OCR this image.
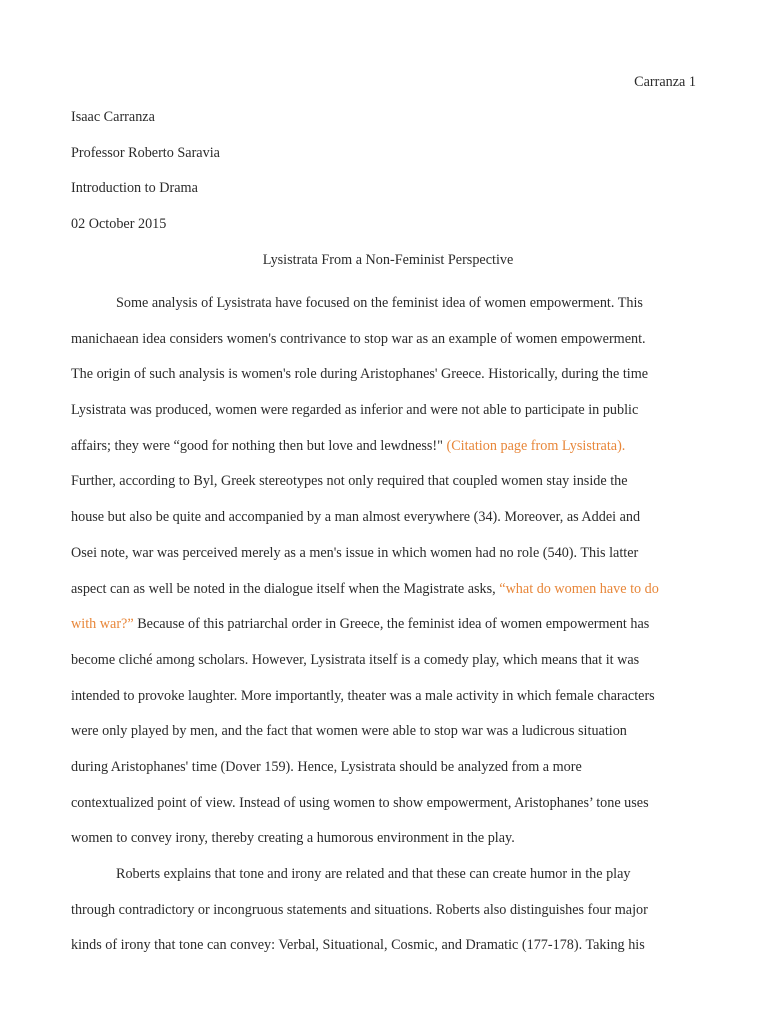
Carranza 1
Isaac Carranza
Professor Roberto Saravia
Introduction to Drama
02 October 2015
Lysistrata From a Non-Feminist Perspective
Some analysis of Lysistrata have focused on the feminist idea of women empowerment. This
manichaean idea considers women's contrivance to stop war as an example of women empowerment.
The origin of such analysis is women's role during Aristophanes' Greece. Historically, during the time
Lysistrata was produced, women were regarded as inferior and were not able to participate in public
affairs; they were “good for nothing then but love and lewdness!" (Citation page from Lysistrata).
Further, according to Byl, Greek stereotypes not only required that coupled women stay inside the
house but also be quite and accompanied by a man almost everywhere (34). Moreover, as Addei and
Osei note, war was perceived merely as a men's issue in which women had no role (540). This latter
aspect can as well be noted in the dialogue itself when the Magistrate asks, “what do women have to do
with war?” Because of this patriarchal order in Greece, the feminist idea of women empowerment has
become cliché among scholars. However, Lysistrata itself is a comedy play, which means that it was
intended to provoke laughter. More importantly, theater was a male activity in which female characters
were only played by men, and the fact that women were able to stop war was a ludicrous situation
during Aristophanes' time (Dover 159). Hence, Lysistrata should be analyzed from a more
contextualized point of view. Instead of using women to show empowerment, Aristophanes’ tone uses
women to convey irony, thereby creating a humorous environment in the play.
Roberts explains that tone and irony are related and that these can create humor in the play
through contradictory or incongruous statements and situations. Roberts also distinguishes four major
kinds of irony that tone can convey: Verbal, Situational, Cosmic, and Dramatic (177-178). Taking his
